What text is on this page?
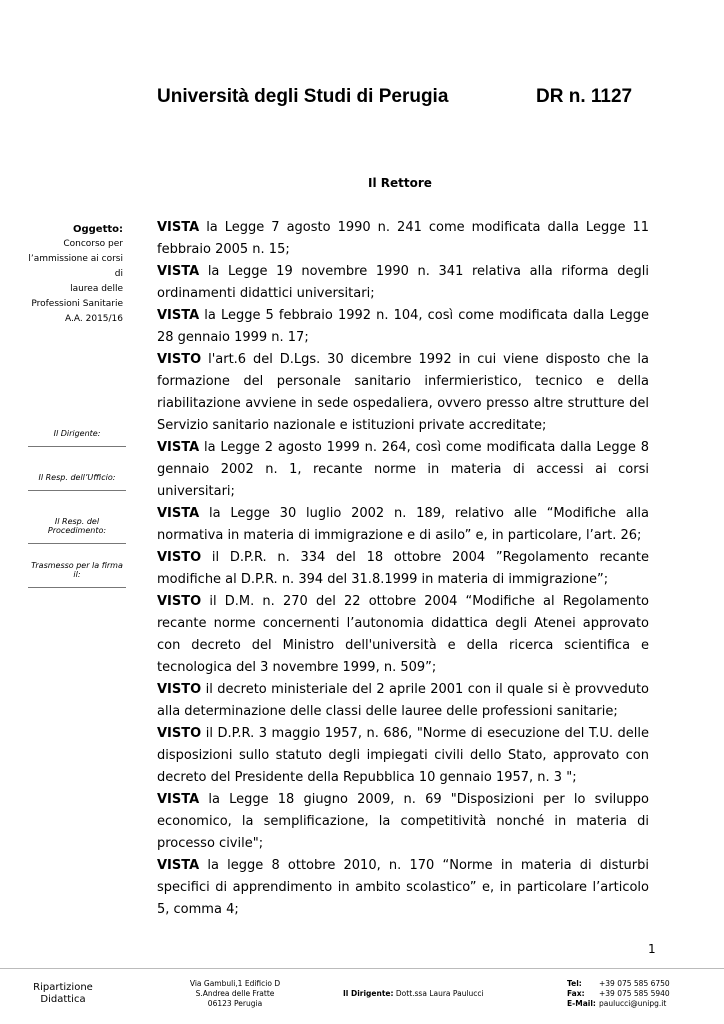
Università degli Studi di Perugia	DR n. 1127
Il Rettore
Oggetto:
Concorso per
l’ammissione ai corsi di
laurea delle
Professioni Sanitarie
A.A. 2015/16
Il Dirigente:
Il Resp. dell’Ufficio:
Il Resp. del Procedimento:
Trasmesso per la firma il:

VISTA la Legge 7 agosto 1990 n. 241 come modificata dalla Legge 11 febbraio 2005 n. 15;

VISTA la Legge 19 novembre 1990 n. 341 relativa alla riforma degli ordinamenti didattici universitari;

VISTA la Legge 5 febbraio 1992 n. 104, così come modificata dalla Legge 28 gennaio 1999 n. 17;

VISTO l'art.6 del D.Lgs. 30 dicembre 1992 in cui viene disposto che la formazione del personale sanitario infermieristico, tecnico e della riabilitazione avviene in sede ospedaliera, ovvero presso altre strutture del Servizio sanitario nazionale e istituzioni private accreditate;

VISTA la Legge 2 agosto 1999 n. 264, così come modificata dalla Legge 8 gennaio 2002 n. 1, recante norme in materia di accessi ai corsi universitari;

VISTA la Legge 30 luglio 2002 n. 189, relativo alle “Modifiche alla normativa in materia di immigrazione e di asilo” e, in particolare, l’art. 26;

VISTO il D.P.R. n. 334 del 18 ottobre 2004 ”Regolamento recante modifiche al D.P.R. n. 394 del 31.8.1999 in materia di immigrazione”;

VISTO il D.M. n. 270 del 22 ottobre 2004 “Modifiche al Regolamento recante norme concernenti l’autonomia didattica degli Atenei approvato con decreto del Ministro dell'università e della ricerca scientifica e tecnologica del 3 novembre 1999, n. 509”;

VISTO il decreto ministeriale del 2 aprile 2001 con il quale si è provveduto alla determinazione delle classi delle lauree delle professioni sanitarie;

VISTO il D.P.R. 3 maggio 1957, n. 686, "Norme di esecuzione del T.U. delle disposizioni sullo statuto degli impiegati civili dello Stato, approvato con decreto del Presidente della Repubblica 10 gennaio 1957, n. 3 ";

VISTA la Legge 18 giugno 2009, n. 69 "Disposizioni per lo sviluppo economico, la semplificazione, la competitività nonché in materia di processo civile";

VISTA la legge 8 ottobre 2010, n. 170 “Norme in materia di disturbi specifici di apprendimento in ambito scolastico” e, in particolare l’articolo 5, comma 4;

1
Ripartizione
Didattica
Via Gambuli,1 Edificio D
S.Andrea delle Fratte
06123 Perugia
Il Dirigente: Dott.ssa Laura Paulucci
Tel: +39 075 585 6750
Fax: +39 075 585 5940
E-Mail: paulucci@unipg.it
